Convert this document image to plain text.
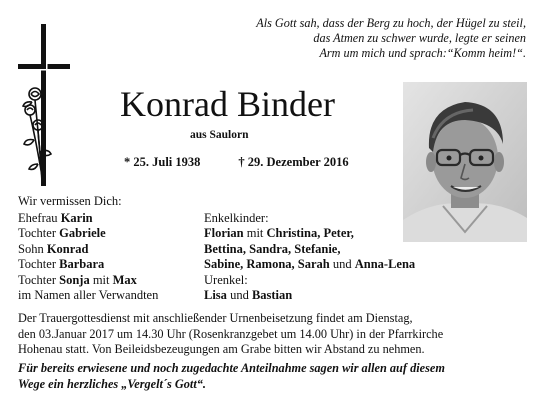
Als Gott sah, dass der Berg zu hoch, der Hügel zu steil,
das Atmen zu schwer wurde, legte er seinen
Arm um mich und sprach:“Komm heim!“.
Konrad Binder
aus Saulorn
* 25. Juli 1938	† 29. Dezember 2016
Wir vermissen Dich:
Ehefrau Karin
Tochter Gabriele
Sohn Konrad
Tochter Barbara
Tochter Sonja mit Max
im Namen aller Verwandten
Enkelkinder:
Florian mit Christina, Peter,
Bettina, Sandra, Stefanie,
Sabine, Ramona, Sarah und Anna-Lena
Urenkel:
Lisa und Bastian
Der Trauergottesdienst mit anschließender Urnenbeisetzung findet am Dienstag,
den 03.Januar 2017 um 14.30 Uhr (Rosenkranzgebet um 14.00 Uhr) in der Pfarrkirche
Hohenau statt. Von Beileidsbezeugungen am Grabe bitten wir Abstand zu nehmen.
Für bereits erwiesene und noch zugedachte Anteilnahme sagen wir allen auf diesem
Wege ein herzliches „Vergelt´s Gott“.
